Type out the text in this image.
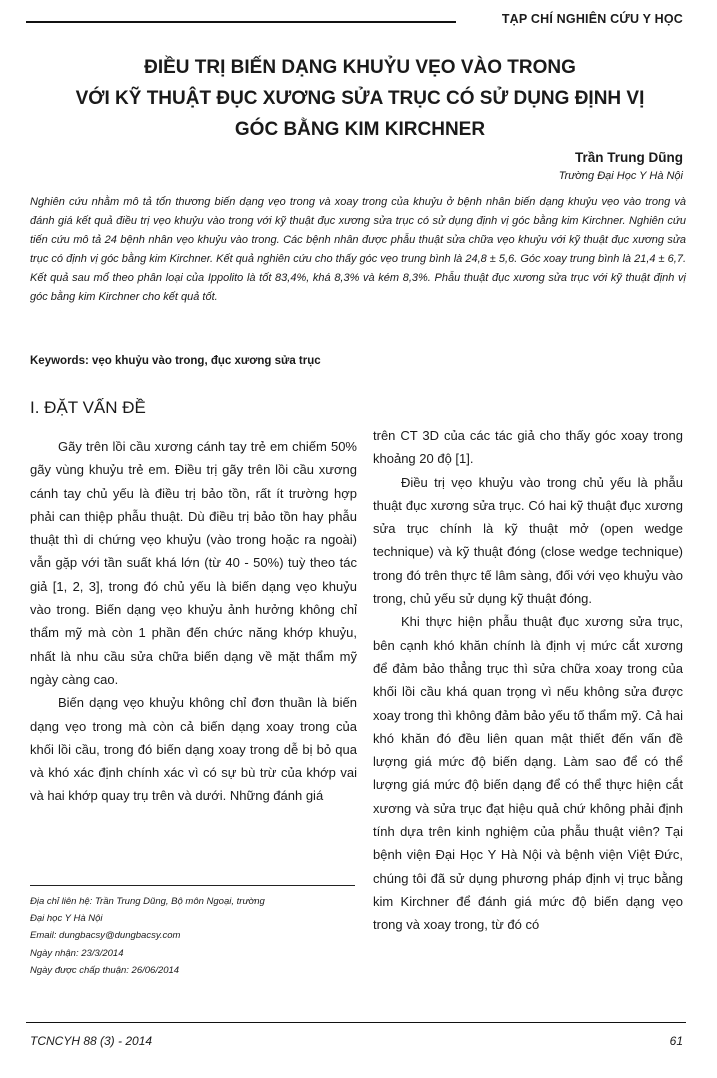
TẠP CHÍ NGHIÊN CỨU Y HỌC
ĐIỀU TRỊ BIẾN DẠNG KHUỶU VẸO VÀO TRONG
VỚI KỸ THUẬT ĐỤC XƯƠNG SỬA TRỤC CÓ SỬ DỤNG ĐỊNH VỊ
GÓC BẰNG KIM KIRCHNER
Trần Trung Dũng
Trường Đại Học Y Hà Nội

Nghiên cứu nhằm mô tả tổn thương biến dạng vẹo trong và xoay trong của khuỷu ở bệnh nhân biến dạng khuỷu vẹo vào trong và đánh giá kết quả điều trị vẹo khuỷu vào trong với kỹ thuật đục xương sửa trục có sử dụng định vị góc bằng kim Kirchner. Nghiên cứu tiến cứu mô tả 24 bệnh nhân vẹo khuỷu vào trong. Các bệnh nhân được phẫu thuật sửa chữa vẹo khuỷu với kỹ thuật đục xương sửa trục có định vị góc bằng kim Kirchner. Kết quả nghiên cứu cho thấy góc vẹo trung bình là 24,8 ± 5,6. Góc xoay trung bình là 21,4 ± 6,7. Kết quả sau mổ theo phân loại của Ippolito là tốt 83,4%, khá 8,3% và kém 8,3%. Phẫu thuật đục xương sửa trục với kỹ thuật định vị góc bằng kim Kirchner cho kết quả tốt.

Keywords: vẹo khuỷu vào trong, đục xương sửa trục
I. ĐẶT VẤN ĐỀ

Gãy trên lồi cầu xương cánh tay trẻ em chiếm 50% gãy vùng khuỷu trẻ em. Điều trị gãy trên lồi cầu xương cánh tay chủ yếu là điều trị bảo tồn, rất ít trường hợp phải can thiệp phẫu thuật. Dù điều trị bảo tồn hay phẫu thuật thì di chứng vẹo khuỷu (vào trong hoặc ra ngoài) vẫn gặp với tần suất khá lớn (từ 40 - 50%) tuỳ theo tác giả [1, 2, 3], trong đó chủ yếu là biến dạng vẹo khuỷu vào trong. Biến dạng vẹo khuỷu ảnh hưởng không chỉ thẩm mỹ mà còn 1 phần đến chức năng khớp khuỷu, nhất là nhu cầu sửa chữa biến dạng về mặt thẩm mỹ ngày càng cao.

Biến dạng vẹo khuỷu không chỉ đơn thuần là biến dạng vẹo trong mà còn cả biến dạng xoay trong của khối lồi cầu, trong đó biến dạng xoay trong dễ bị bỏ qua và khó xác định chính xác vì có sự bù trừ của khớp vai và hai khớp quay trụ trên và dưới. Những đánh giá

trên CT 3D của các tác giả cho thấy góc xoay trong khoảng 20 độ [1].

Điều trị vẹo khuỷu vào trong chủ yếu là phẫu thuật đục xương sửa trục. Có hai kỹ thuật đục xương sửa trục chính là kỹ thuật mở (open wedge technique) và kỹ thuật đóng (close wedge technique) trong đó trên thực tế lâm sàng, đối với vẹo khuỷu vào trong, chủ yếu sử dụng kỹ thuật đóng.

Khi thực hiện phẫu thuật đục xương sửa trục, bên cạnh khó khăn chính là định vị mức cắt xương để đảm bảo thẳng trục thì sửa chữa xoay trong của khối lồi cầu khá quan trọng vì nếu không sửa được xoay trong thì không đảm bảo yếu tố thẩm mỹ. Cả hai khó khăn đó đều liên quan mật thiết đến vấn đề lượng giá mức độ biến dạng. Làm sao để có thể lượng giá mức độ biến dạng để có thể thực hiện cắt xương và sửa trục đạt hiệu quả chứ không phải định tính dựa trên kinh nghiệm của phẫu thuật viên? Tại bệnh viện Đại Học Y Hà Nội và bệnh viện Việt Đức, chúng tôi đã sử dụng phương pháp định vị trục bằng kim Kirchner để đánh giá mức độ biến dạng vẹo trong và xoay trong, từ đó có

Địa chỉ liên hệ: Trần Trung Dũng, Bộ môn Ngoại, trường
Đại học Y Hà Nội
Email: dungbacsy@dungbacsy.com
Ngày nhận: 23/3/2014
Ngày được chấp thuận: 26/06/2014
TCNCYH 88 (3) - 2014	61
